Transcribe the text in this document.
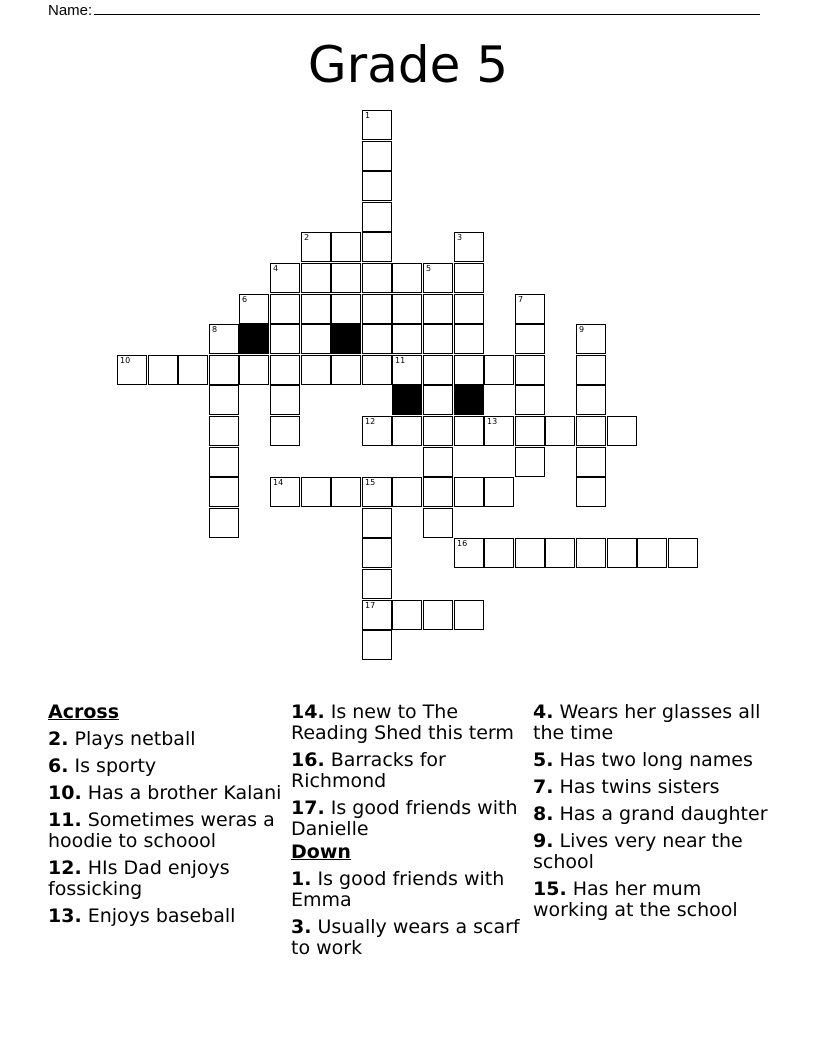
Name:
Grade 5
1
2	3
4	5
6	7
8	9
10	11
12	13
14	15
16
17
Across
2. Plays netball
6. Is sporty
10. Has a brother Kalani
11. Sometimes weras a hoodie to schoool
12. HIs Dad enjoys fossicking
13. Enjoys baseball
14. Is new to The Reading Shed this term
16. Barracks for Richmond
17. Is good friends with Danielle
Down
1. Is good friends with Emma
3. Usually wears a scarf to work
4. Wears her glasses all the time
5. Has two long names
7. Has twins sisters
8. Has a grand daughter
9. Lives very near the school
15. Has her mum working at the school
